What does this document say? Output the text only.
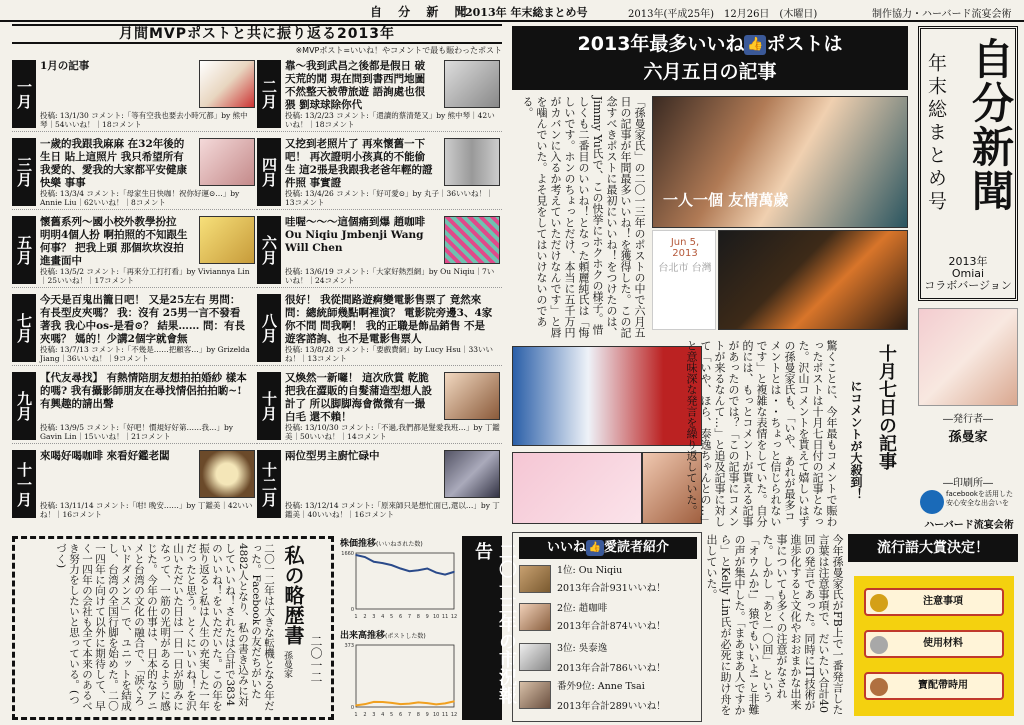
自 分 新 聞
2013年 年末総まとめ号	2013年(平成25年)　12月26日　(木曜日)	制作協力・ハーバード流宴会術
月間MVPポストと共に振り返る2013年
※MVPポスト=いいね！やコメントで最も賑わったポスト
一月
1月の記事
投稿: 13/1/30 コメント:「等有空我也要去小時冗都」by 熊中琴｜54いいね！｜18コメント
二月
靠～我到武昌之後都是假日 破天荒的閒 現在問到書西門地圖 不然整天被帶旅遊 語詢處也很猥 劉球球除你代
投稿: 13/2/23 コメント:「還讀的蔡清楚又」by 熊中琴｜42いいね！｜18コメント
三月
一歲的我跟我麻麻 在32年後的生日 貼上這照片 我只希望所有我愛的、愛我的大家都平安健康快樂 事事
投稿: 13/3/4 コメント:「母家生日快咖！祝你好運⊙…」by Annie Liu｜62いいね！｜8コメント
四月
又挖到老照片了 再來懷舊一下吧！ 再次證明小孩真的不能偷生 這2張是我跟我老爸年輕的證件照 事實證
投稿: 13/4/26 コメント:「好可愛⊙」by 丸子｜36いいね！｜13コメント
五月
懷舊系列～國小校外教學扮拉 明明4個人扮 啊拍照的不知跟生何事？ 把我上頭 那個坎坎沒拍進畫面中
投稿: 13/5/2 コメント:「再來分工打打看」by Viviannya Lin｜25いいね！｜17コメント
六月
哇喔～～～這個痛到爆 趙咖啡 Ou Niqiu Jmbenji Wang Will Chen
投稿: 13/6/19 コメント:「大家好熱烈網」by Ou Niqiu｜7いいね！｜24コメント
七月
今天是百鬼出籠日吧！ 又是25左右 男問：有長型皮夾嗎？ 我：沒有 25男一言不發看著我 我心中os-是看⊙？ 結果…… 問：有長夾嗎？ 媽的！少講2個字就會無
投稿: 13/7/13 コメント:「不幾是……把顧客…」by Grizelda Jiang｜36いいね！｜9コメント
八月
很好！ 我從間路遊痾變電影售票了 竟然來問：總統師幾點啊裡演？ 電影院旁邊3、4家你不問 問我啊！ 我的正職是飾品銷售 不是遊客諮詢、也不是電影售票人
投稿: 13/8/28 コメント:「要戲費網」by Lucy Hsu｜33いいね！｜13コメント
九月
【代友尋找】 有熱情陪朋友想拍拍婚紗 樣本的嗎? 我有攝影師朋友在尋找情侶拍拍喲~! 有興趣的請出聲
投稿: 13/9/5 コメント:「好吧！慣規好好第……我…」by Gavin Lin｜15いいね！｜21コメント
十月
又煥然一新囉！ 這次欣賞 乾脆把我在澀販的自髮蒲造型想人設計了 所以脚脚海會微微有一撮白毛 還不賴！
投稿: 13/10/30 コメント:「不過,我們都是髮愛我班…」by 丁鑑美｜50いいね！｜14コメント
十一月
來喝好喝咖啡 來看好鑑老闆
投稿: 13/11/14 コメント:「咁! 晚安……」by 丁鑑美｜42いいね！｜16コメント
十二月
兩位型男主廚忙碌中
投稿: 13/12/14 コメント:「原來師只是想忙面已,還以…」by 丁鑑美｜40いいね！｜16コメント
2013年最多いいね 👍 ポストは
六月五日の記事
「孫曼家氏」の二〇一三年のポストの中で六月五日の記事が年間最多いいね！を獲得した。この記念すべきポストに最初にいいね！をつけたのは、Jimmy Yu氏で、この快挙にホクホクの様子。惜しくも二番目のいいね！となった頼麗純氏は「悔しいです。ホンのちょっとだけ、本当に五千万円がカバンに入るか考えていただけなんです」と唇を噛んでいた。よそ見をしてはいけないのである。
一人一個 友情萬歲
Jun 5, 2013
台北市 台灣
自分新聞
年末総まとめ号
2013年
Omiai
コラボバージョン
―発行者―
孫曼家
―印刷所―
facebookを活用した安心安全な出会いを
ハーバード流宴会術
驚くことに、今年最もコメントで賑わったポストは十月七日付の記事となった。沢山コメントを貰えて嬉しいはずの孫曼家氏も、「いや、あれが最多コメントとは・・ちょっと信じられないです」と複雑な表情をしていた。自分的には、もっとコメントが貰える記事があったのでは？「この記事にコメントが来るなんて…」と追及記事に対して「いや、ほら、泰逸ちゃんとの…」と意味深な発言を繰り返していた。	十月七日の記事
にコメントが大殺到！
二〇一二年は大きな転機となる年だった。Facebookの友だちがいた4882人となり、私の書き込みに対していいね！されたは合計で3834のいいね！をいただいた。この年を振り返ると私は人生の充実した一年だったと思う。とくにいいね！を沢山いただいた日は一日一日が励みになって、一筋の光明があるように感じた。今年の仕事は、日本的なアニメと台湾の文化の融合で、「涙ぐろいドダメンス」で、ユニットを結成し、台湾の全国行脚を始めた。二〇一四年に向けて以外に期待して、早く一四年の会社も全て本来のあるべき努力をしたいと思っている。(つづく)	私の略歴書
二〇一二
孫曼家
株価推移(いいねされた数)
0
1660
1 2 3 4 5 6 7 8 9 10 11 12
出来高推移(ポストした数)
0
373
1 2 3 4 5 6 7 8 9 10 11 12
二〇一三年の市況報告	いいね 👍 愛読者紹介
1位: Ou Niqiu
2013年合計931いいね！
2位: 趙咖啡
2013年合計874いいね！
3位: 吳泰逸
2013年合計786いいね！
番外9位: Anne Tsai
2013年合計289いいね！	今年孫曼家氏がFB上で一番発言した言葉は注意事項で、だいたい合計40回の発言であった。同時にIT技術が進歩化すると文化やおおまかな出来事についても多くの注意がなされた。しかし「あと一〇回」 という「オウムか!」 猿でもいいよ! と非難の声が集中した。「まあまあ人ですから」とKelly Lin氏が必死に助け舟を出していた。	流行語大賞決定！
注意事項
使用材料
寶配帶時用
